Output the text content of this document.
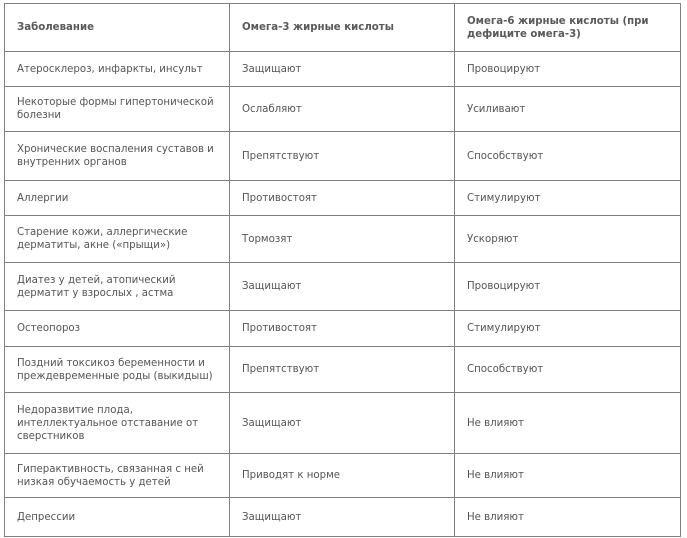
Заболевание	Омега-3 жирные кислоты	Омега-6 жирные кислоты (при дефиците омега-3)
Атеросклероз, инфаркты, инсульт	Защищают	Провоцируют
Некоторые формы гипертонической болезни	Ослабляют	Усиливают
Хронические воспаления суставов и внутренних органов	Препятствуют	Способствуют
Аллергии	Противостоят	Стимулируют
Старение кожи, аллергические дерматиты, акне («прыщи»)	Тормозят	Ускоряют
Диатез у детей, атопический дерматит у взрослых , астма	Защищают	Провоцируют
Остеопороз	Противостоят	Стимулируют
Поздний токсикоз беременности и преждевременные роды (выкидыш)	Препятствуют	Способствуют
Недоразвитие плода, интеллектуальное отставание от сверстников	Защищают	Не влияют
Гиперактивность, связанная с ней низкая обучаемость у детей	Приводят к норме	Не влияют
Депрессии	Защищают	Не влияют
